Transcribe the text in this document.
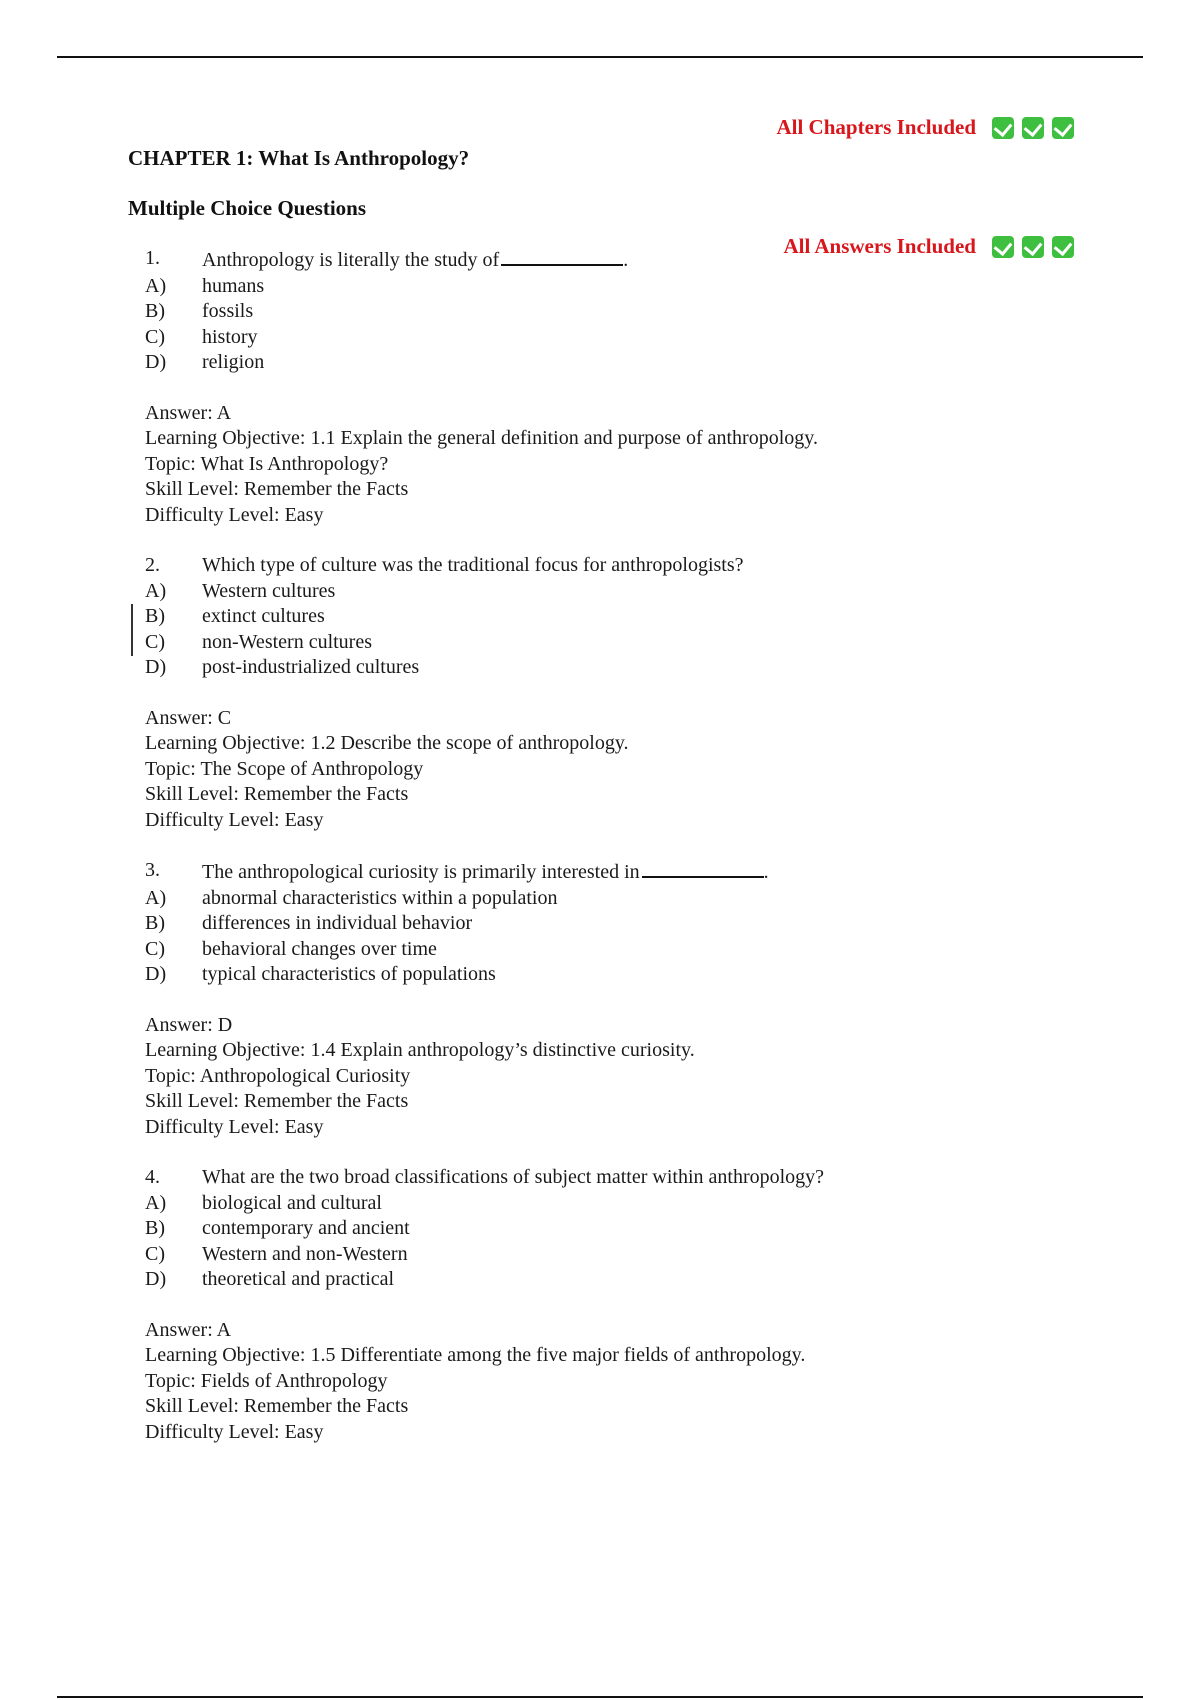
All Chapters Included
CHAPTER 1: What Is Anthropology?
Multiple Choice Questions
All Answers Included
1.	Anthropology is literally the study of	.
A)	humans
B)	fossils
C)	history
D)	religion
Answer: A
Learning Objective: 1.1 Explain the general definition and purpose of anthropology.
Topic: What Is Anthropology?
Skill Level: Remember the Facts
Difficulty Level: Easy
2.	Which type of culture was the traditional focus for anthropologists?
A)	Western cultures
B)	extinct cultures
C)	non-Western cultures
D)	post-industrialized cultures
Answer: C
Learning Objective: 1.2 Describe the scope of anthropology.
Topic: The Scope of Anthropology
Skill Level: Remember the Facts
Difficulty Level: Easy
3.	The anthropological curiosity is primarily interested in	.
A)	abnormal characteristics within a population
B)	differences in individual behavior
C)	behavioral changes over time
D)	typical characteristics of populations
Answer: D
Learning Objective: 1.4 Explain anthropology’s distinctive curiosity.
Topic: Anthropological Curiosity
Skill Level: Remember the Facts
Difficulty Level: Easy
4.	What are the two broad classifications of subject matter within anthropology?
A)	biological and cultural
B)	contemporary and ancient
C)	Western and non-Western
D)	theoretical and practical
Answer: A
Learning Objective: 1.5 Differentiate among the five major fields of anthropology.
Topic: Fields of Anthropology
Skill Level: Remember the Facts
Difficulty Level: Easy
